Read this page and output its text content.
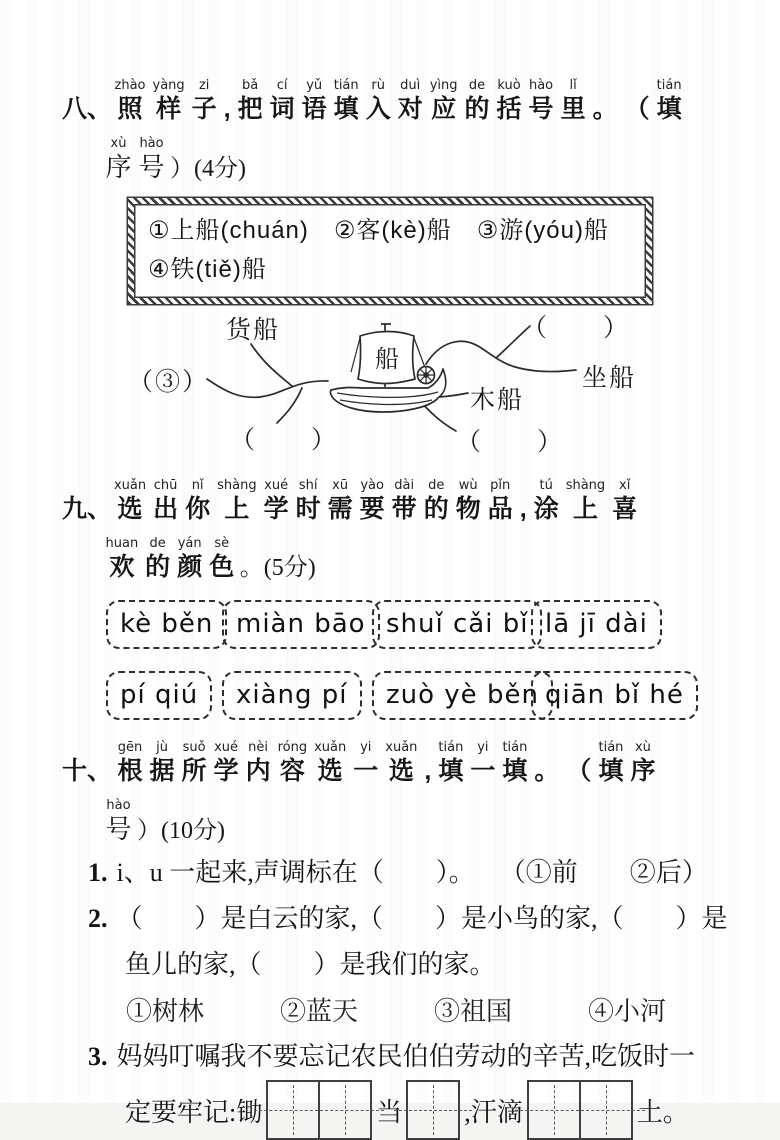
八、 照zhào样yàng子zi, 把bǎ词cí语yǔ填tián入rù对duì应yìng的de括kuò号hào里lǐ。 （ 填tián
序xù号hào）(4分)
①上船(chuán)　②客(kè)船　③游(yóu)船
④铁(tiě)船
船
货船
（③）
（　　）
坐船
木船
（　　）	（　　）
九、选xuǎn出chū你nǐ上shàng学xué时shí需xū要yào带dài的de物wù品pǐn, 涂tú上shàng喜xǐ
欢huan的de颜yán色sè。(5分)
kè běn miàn bāo shuǐ cǎi bǐ lā jī dài
pí qiú	xiàng pí	zuò yè běn qiān bǐ hé
十、 根gēn据jù所suǒ学xué内nèi容róng选xuǎn一yi选xuǎn, 填tián一yi填tián。 （ 填tián序xù
号hào）(10分)
1. i、u 一起来,声调标在（　　）。 （①前　　②后）
2. （　　）是白云的家,（　　）是小鸟的家,（　　）是
鱼儿的家,（　　）是我们的家。
①树林	②蓝天	③祖国	④小河
3. 妈妈叮嘱我不要忘记农民伯伯劳动的辛苦,吃饭时一
定要牢记:锄	当 ,汗滴	土。
